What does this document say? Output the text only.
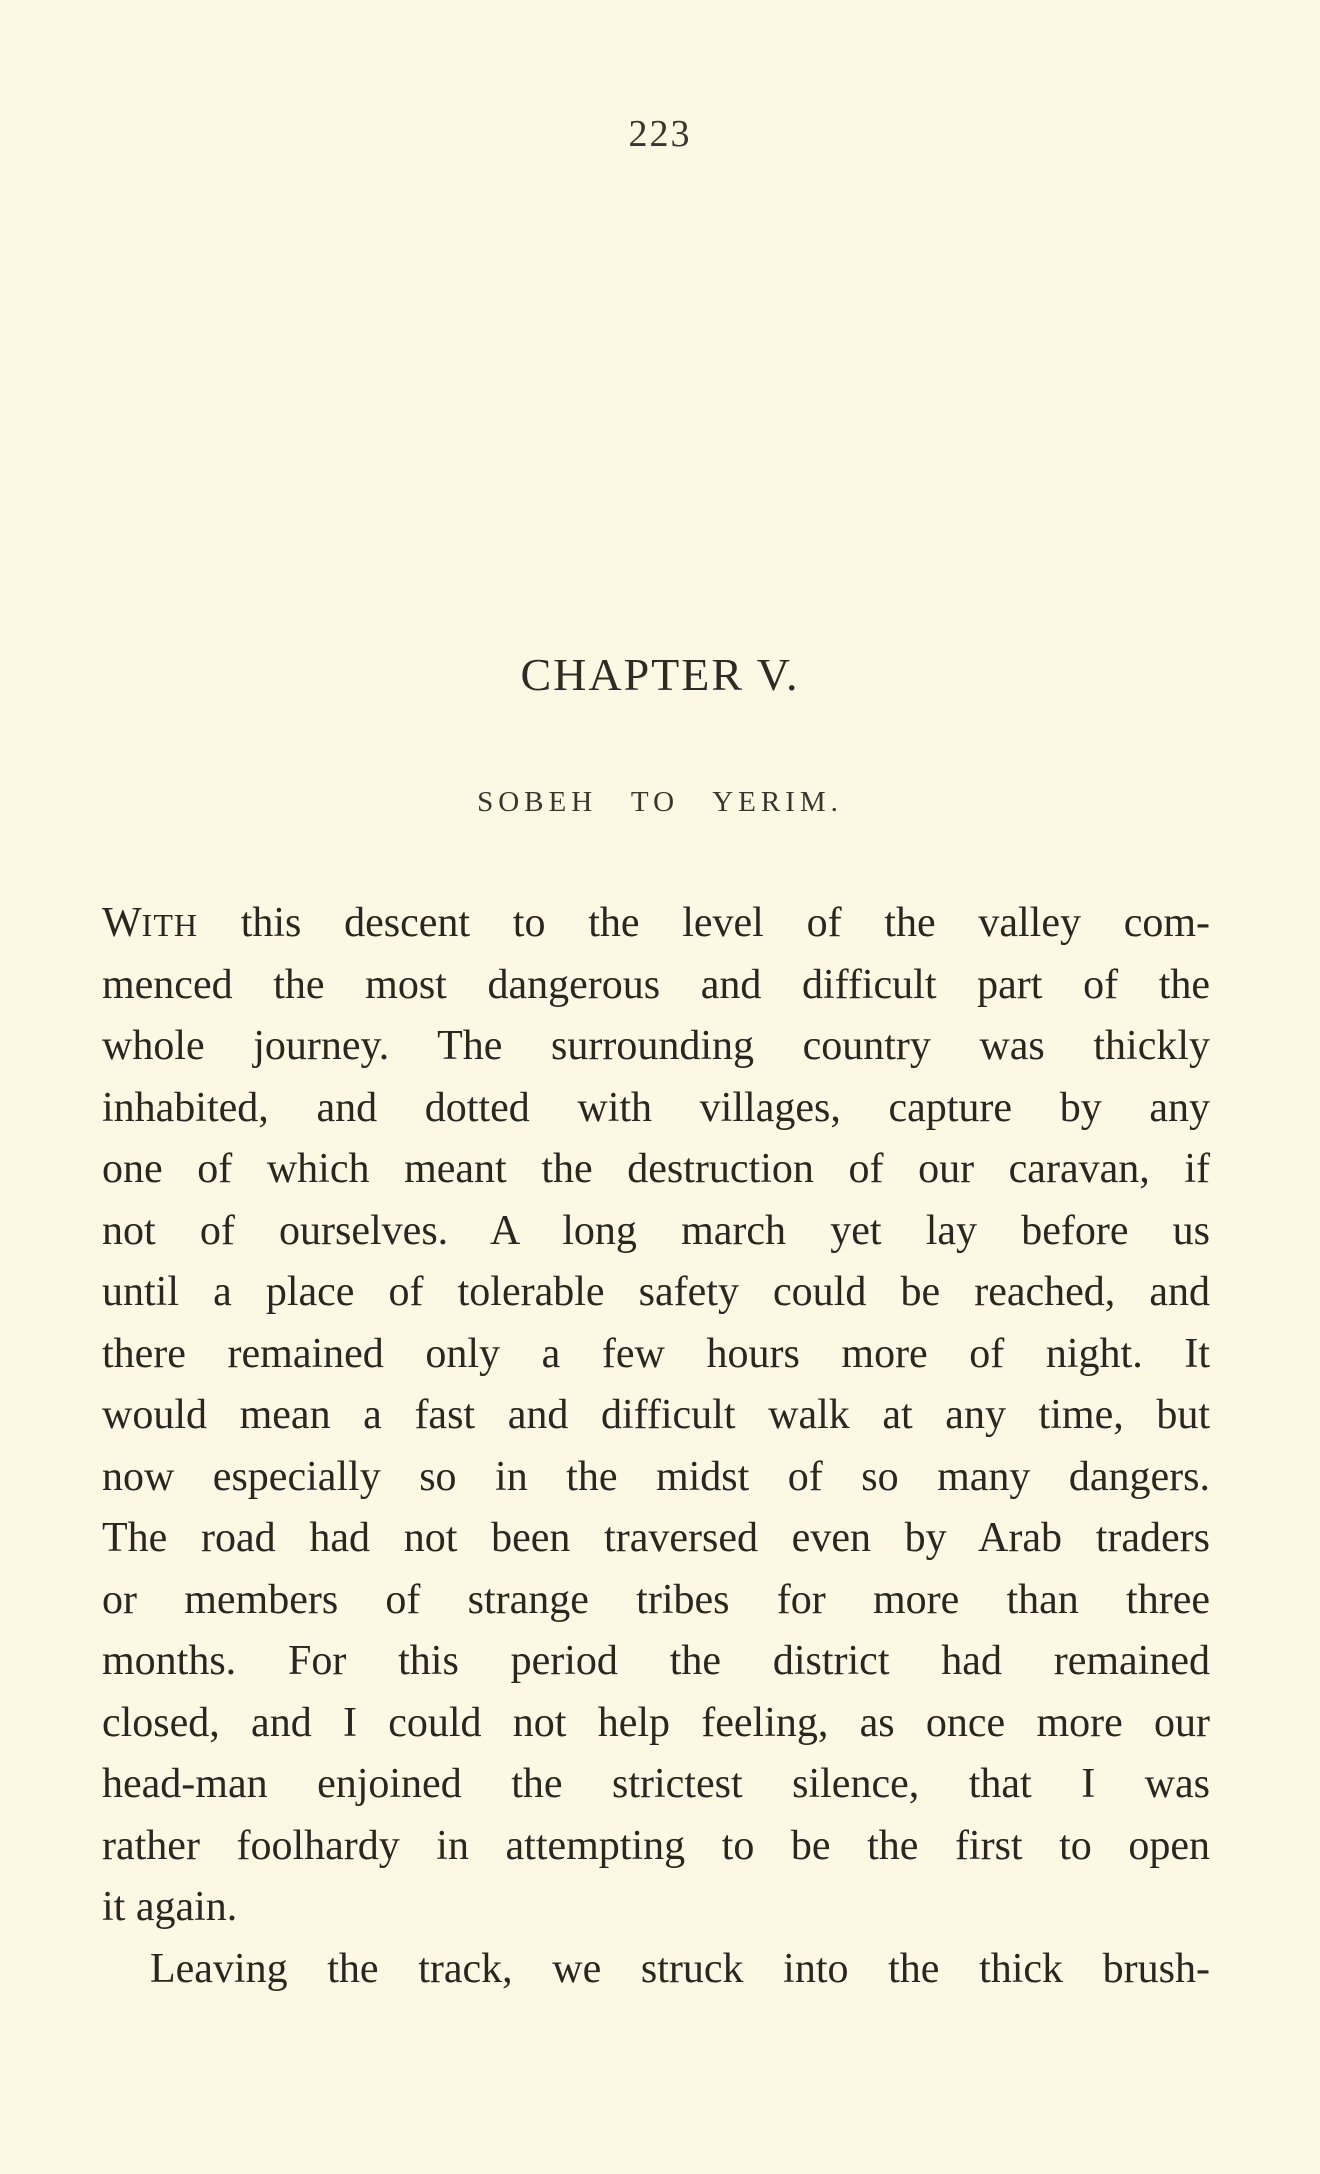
223
CHAPTER V.
SOBEH TO YERIM.
WITH this descent to the level of the valley com-
menced the most dangerous and difficult part of the
whole journey. The surrounding country was thickly
inhabited, and dotted with villages, capture by any
one of which meant the destruction of our caravan, if
not of ourselves. A long march yet lay before us
until a place of tolerable safety could be reached, and
there remained only a few hours more of night. It
would mean a fast and difficult walk at any time, but
now especially so in the midst of so many dangers.
The road had not been traversed even by Arab traders
or members of strange tribes for more than three
months. For this period the district had remained
closed, and I could not help feeling, as once more our
head-man enjoined the strictest silence, that I was
rather foolhardy in attempting to be the first to open
it again.
Leaving the track, we struck into the thick brush-
